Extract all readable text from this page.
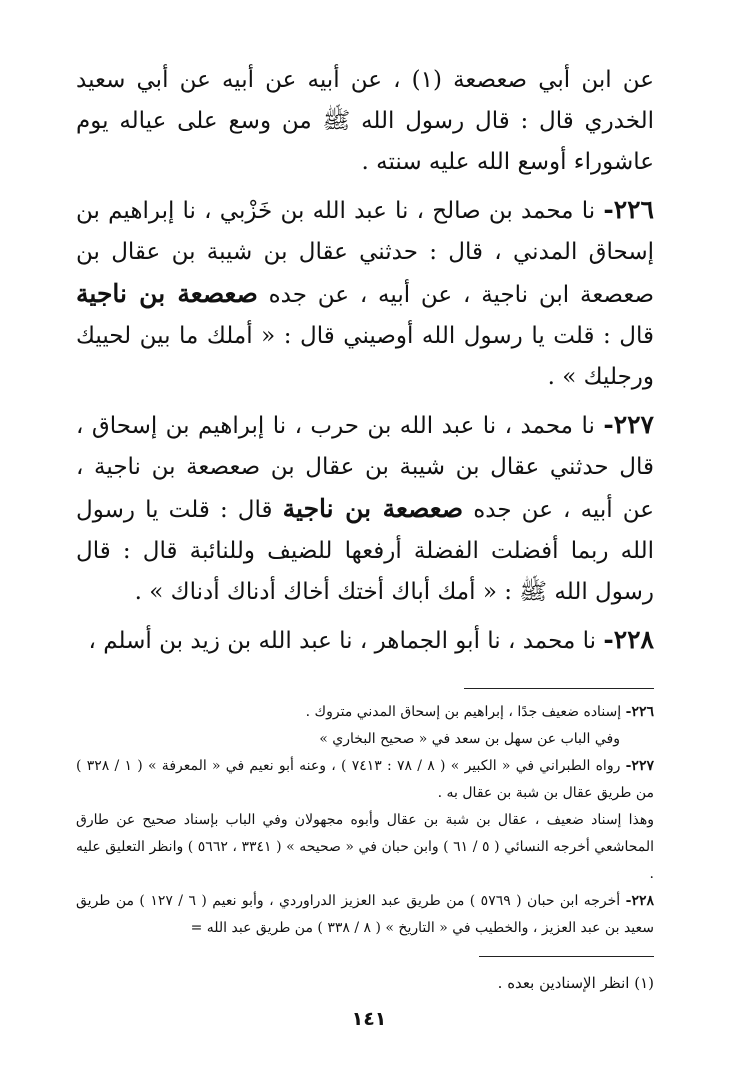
عن ابن أبي صعصعة (١) ، عن أبيه عن أبيه عن أبي سعيد الخدري قال : قال رسول الله ﷺ من وسع على عياله يوم عاشوراء أوسع الله عليه سنته .

٢٢٦- نا محمد بن صالح ، نا عبد الله بن خَزْبي ، نا إبراهيم بن إسحاق المدني ، قال : حدثني عقال بن شيبة بن عقال بن صعصعة ابن ناجية ، عن أبيه ، عن جده صعصعة بن ناجية قال : قلت يا رسول الله أوصيني قال : « أملك ما بين لحييك ورجليك » .

٢٢٧- نا محمد ، نا عبد الله بن حرب ، نا إبراهيم بن إسحاق ، قال حدثني عقال بن شيبة بن عقال بن صعصعة بن ناجية ، عن أبيه ، عن جده صعصعة بن ناجية قال : قلت يا رسول الله ربما أفضلت الفضلة أرفعها للضيف وللنائبة قال : قال رسول الله ﷺ : « أمك أباك أختك أخاك أدناك أدناك » .

٢٢٨- نا محمد ، نا أبو الجماهر ، نا عبد الله بن زيد بن أسلم ،

٢٢٦- إسناده ضعيف جدًا ، إبراهيم بن إسحاق المدني متروك .

وفي الباب عن سهل بن سعد في « صحيح البخاري »

٢٢٧- رواه الطبراني في « الكبير » ( ٨ / ٧٨ : ٧٤١٣ ) ، وعنه أبو نعيم في « المعرفة » ( ١ / ٣٢٨ ) من طريق عقال بن شبة بن عقال به .

وهذا إسناد ضعيف ، عقال بن شبة بن عقال وأبوه مجهولان وفي الباب بإسناد صحيح عن طارق المحاشعي أخرجه النسائي ( ٥ / ٦١ ) وابن حبان في « صحيحه » ( ٣٣٤١ ، ٥٦٦٢ ) وانظر التعليق عليه .

٢٢٨- أخرجه ابن حبان ( ٥٧٦٩ ) من طريق عبد العزيز الدراوردي ، وأبو نعيم ( ٦ / ١٢٧ ) من طريق سعيد بن عبد العزيز ، والخطيب في « التاريخ » ( ٨ / ٣٣٨ ) من طريق عبد الله =

(١) انظر الإسنادين بعده .

١٤١
